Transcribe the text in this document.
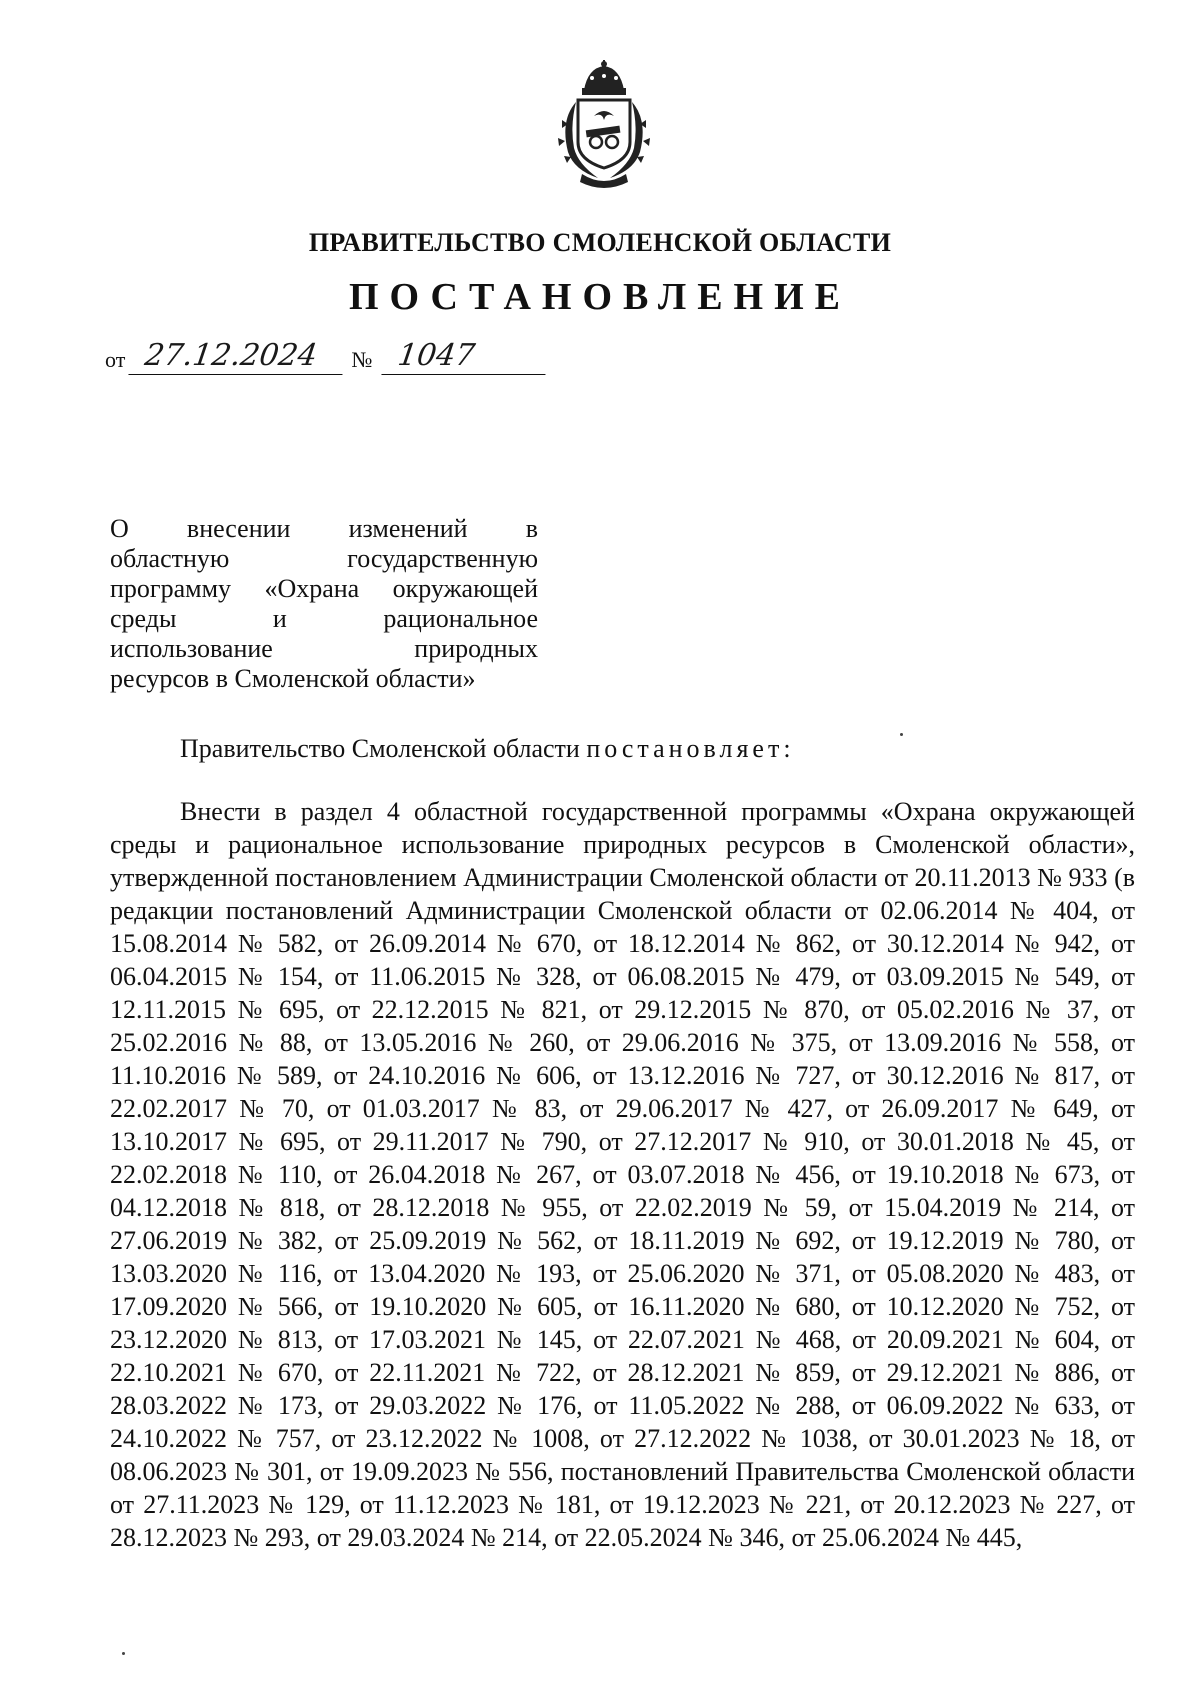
ПРАВИТЕЛЬСТВО СМОЛЕНСКОЙ ОБЛАСТИ
ПОСТАНОВЛЕНИЕ
от 27.12.2024	№ 1047
О внесении изменений в
областную государственную
программу «Охрана окружающей
среды и рациональное
использование природных
ресурсов в Смоленской области»
Правительство Смоленской области постановляет:

Внести в раздел 4 областной государственной программы «Охрана окружающей среды и рациональное использование природных ресурсов в Смоленской области», утвержденной постановлением Администрации Смоленской области от 20.11.2013 № 933 (в редакции постановлений Администрации Смоленской области от 02.06.2014 № 404, от 15.08.2014 № 582, от 26.09.2014 № 670, от 18.12.2014 № 862, от 30.12.2014 № 942, от 06.04.2015 № 154, от 11.06.2015 № 328, от 06.08.2015 № 479, от 03.09.2015 № 549, от 12.11.2015 № 695, от 22.12.2015 № 821, от 29.12.2015 № 870, от 05.02.2016 № 37, от 25.02.2016 № 88, от 13.05.2016 № 260, от 29.06.2016 № 375, от 13.09.2016 № 558, от 11.10.2016 № 589, от 24.10.2016 № 606, от 13.12.2016 № 727, от 30.12.2016 № 817, от 22.02.2017 № 70, от 01.03.2017 № 83, от 29.06.2017 № 427, от 26.09.2017 № 649, от 13.10.2017 № 695, от 29.11.2017 № 790, от 27.12.2017 № 910, от 30.01.2018 № 45, от 22.02.2018 № 110, от 26.04.2018 № 267, от 03.07.2018 № 456, от 19.10.2018 № 673, от 04.12.2018 № 818, от 28.12.2018 № 955, от 22.02.2019 № 59, от 15.04.2019 № 214, от 27.06.2019 № 382, от 25.09.2019 № 562, от 18.11.2019 № 692, от 19.12.2019 № 780, от 13.03.2020 № 116, от 13.04.2020 № 193, от 25.06.2020 № 371, от 05.08.2020 № 483, от 17.09.2020 № 566, от 19.10.2020 № 605, от 16.11.2020 № 680, от 10.12.2020 № 752, от 23.12.2020 № 813, от 17.03.2021 № 145, от 22.07.2021 № 468, от 20.09.2021 № 604, от 22.10.2021 № 670, от 22.11.2021 № 722, от 28.12.2021 № 859, от 29.12.2021 № 886, от 28.03.2022 № 173, от 29.03.2022 № 176, от 11.05.2022 № 288, от 06.09.2022 № 633, от 24.10.2022 № 757, от 23.12.2022 № 1008, от 27.12.2022 № 1038, от 30.01.2023 № 18, от 08.06.2023 № 301, от 19.09.2023 № 556, постановлений Правительства Смоленской области от 27.11.2023 № 129, от 11.12.2023 № 181, от 19.12.2023 № 221, от 20.12.2023 № 227, от 28.12.2023 № 293, от 29.03.2024 № 214, от 22.05.2024 № 346, от 25.06.2024 № 445,
